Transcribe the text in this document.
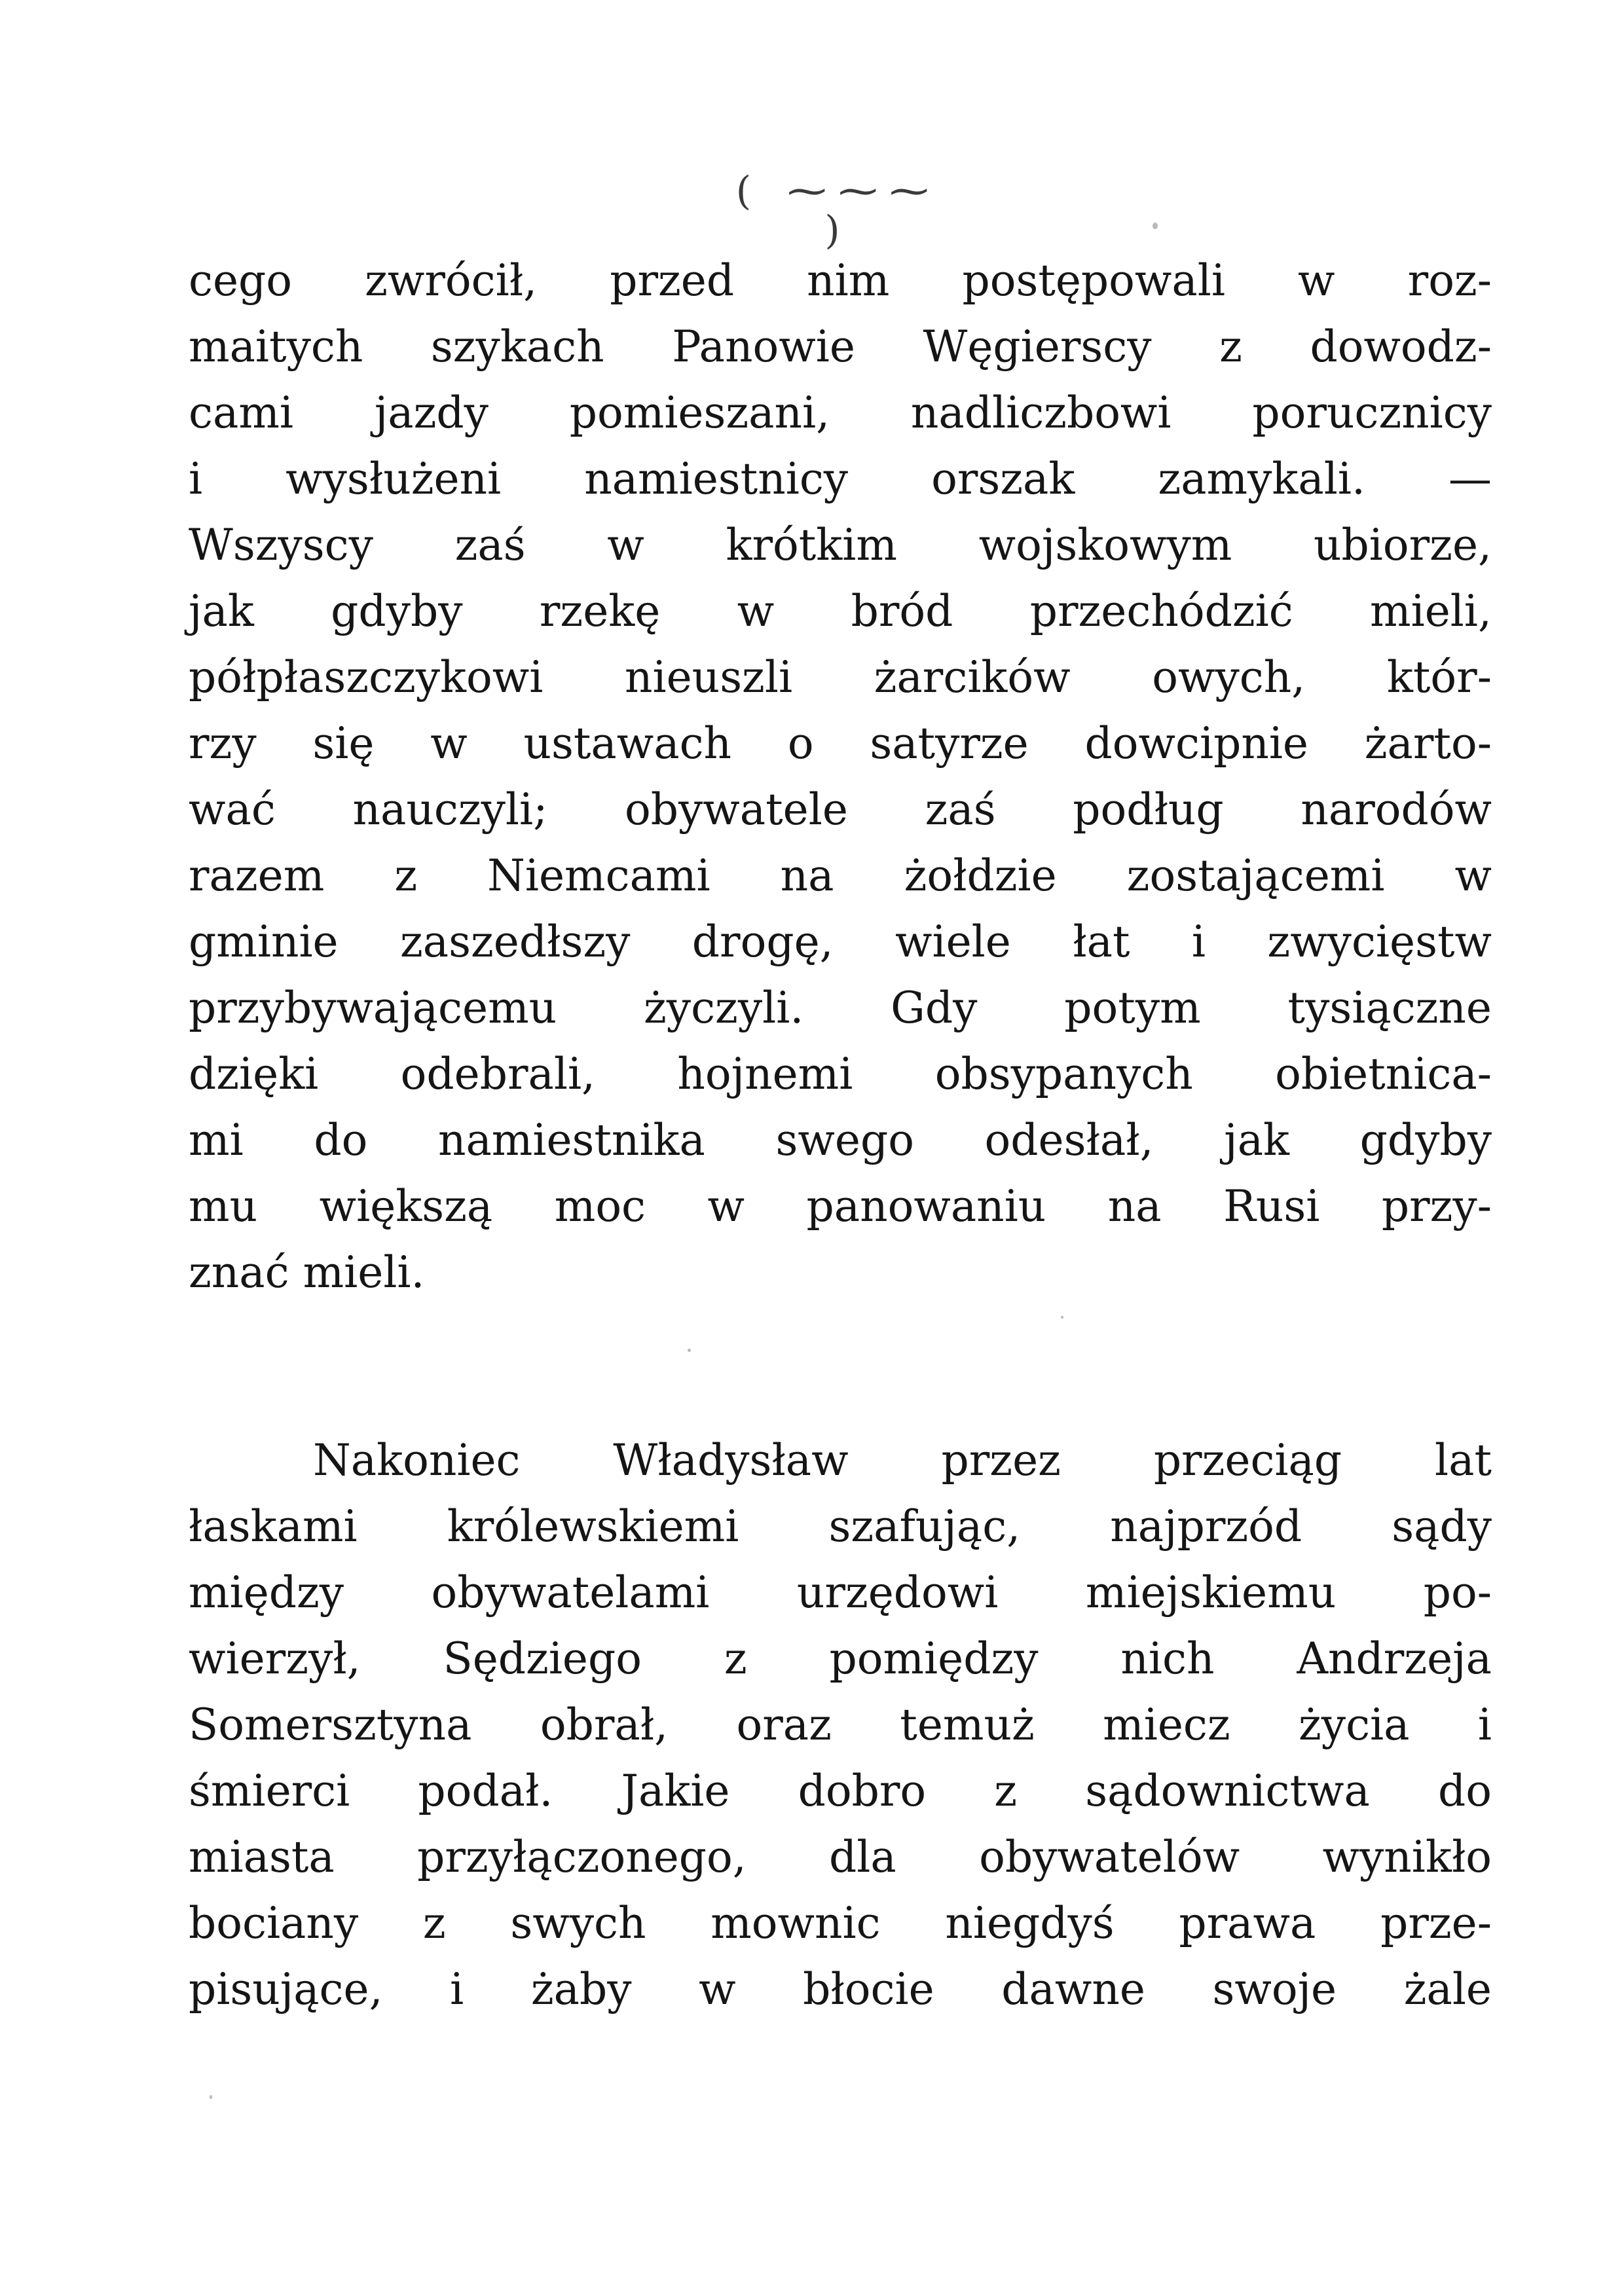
( ⁓⁓⁓ )
cego zwrócił, przed nim postępowali w roz-
maitych szykach Panowie Węgierscy z dowodz-
cami jazdy pomieszani, nadliczbowi porucznicy
i wysłużeni namiestnicy orszak zamykali. —
Wszyscy zaś w krótkim wojskowym ubiorze,
jak gdyby rzekę w bród przechódzić mieli,
półpłaszczykowi nieuszli żarcików owych, któr-
rzy się w ustawach o satyrze dowcipnie żarto-
wać nauczyli; obywatele zaś podług narodów
razem z Niemcami na żołdzie zostającemi w
gminie zaszedłszy drogę, wiele łat i zwycięstw
przybywającemu życzyli. Gdy potym tysiączne
dzięki odebrali, hojnemi obsypanych obietnica-
mi do namiestnika swego odesłał, jak gdyby
mu większą moc w panowaniu na Rusi przy-
znać mieli.
Nakoniec Władysław przez przeciąg lat
łaskami królewskiemi szafując, najprzód sądy
między obywatelami urzędowi miejskiemu po-
wierzył, Sędziego z pomiędzy nich Andrzeja
Somersztyna obrał, oraz temuż miecz życia i
śmierci podał. Jakie dobro z sądownictwa do
miasta przyłączonego, dla obywatelów wynikło
bociany z swych mownic niegdyś prawa prze-
pisujące, i żaby w błocie dawne swoje żale
